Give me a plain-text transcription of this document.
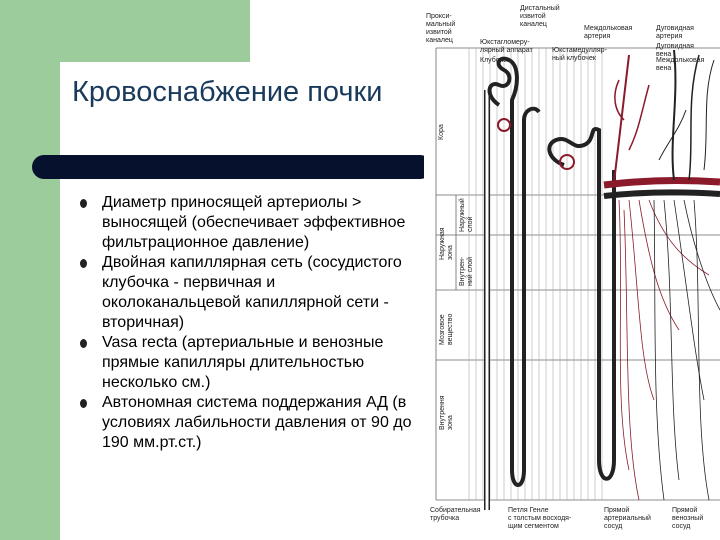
Кровоснабжение почки
Диаметр приносящей артериолы > выносящей (обеспечивает эффективное фильтрационное давление)
Двойная капиллярная сеть (сосудистого клубочка - первичная и околоканальцевой капиллярной сети - вторичная)
Vasa recta (артериальные и венозные прямые капилляры длительностью несколько см.)
Автономная система поддержания АД (в условиях лабильности давления от 90 до 190 мм.рт.ст.)
Прокси-мальный извитой каналец
Дистальный извитой каналец
Юкстагломеру-лярный аппарат
Клубочек
Юкстамедулляр-ный клубочек
Междольковая артерия
Дуговидная артерия
Дуговидная вена
Междольковая вена
Кора
Наружнаязона
Наружныйслой
Внутрен-ний слой
Мозговоевещество
Внутреннязона
Собирательная трубочка
Петля Генле с толстым восходя-щим сегментом
Прямой артериальный сосуд
Прямой венозный сосуд
